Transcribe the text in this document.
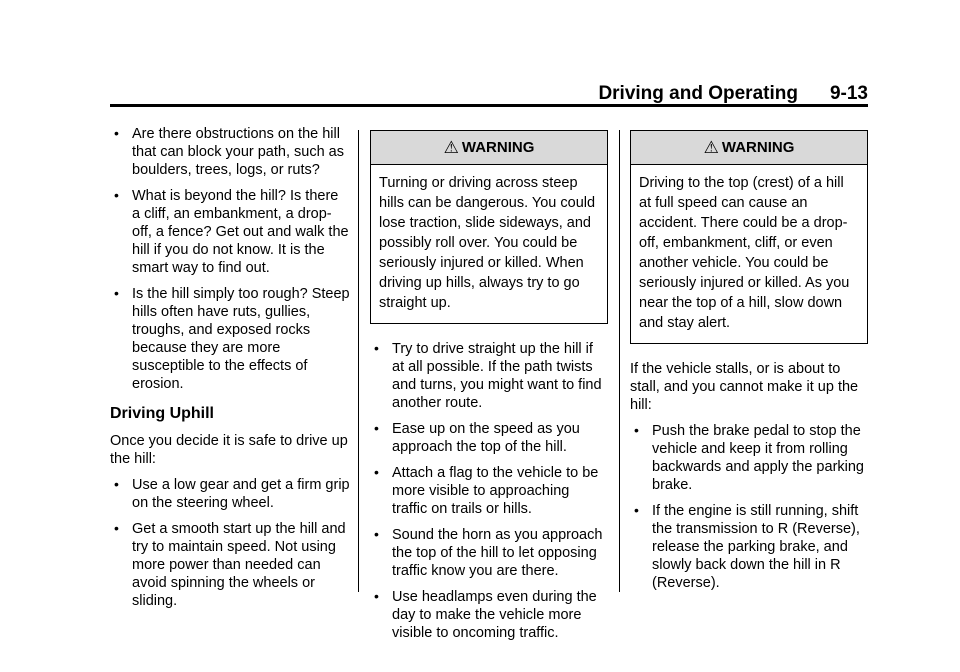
Driving and Operating 9-13
• Are there obstructions on the hill that can block your path, such as boulders, trees, logs, or ruts?
• What is beyond the hill? Is there a cliff, an embankment, a drop-off, a fence? Get out and walk the hill if you do not know. It is the smart way to find out.
• Is the hill simply too rough? Steep hills often have ruts, gullies, troughs, and exposed rocks because they are more susceptible to the effects of erosion.
Driving Uphill

Once you decide it is safe to drive up the hill:

• Use a low gear and get a firm grip on the steering wheel.
• Get a smooth start up the hill and try to maintain speed. Not using more power than needed can avoid spinning the wheels or sliding.
⚠ WARNING
Turning or driving across steep hills can be dangerous. You could lose traction, slide sideways, and possibly roll over. You could be seriously injured or killed. When driving up hills, always try to go straight up.
• Try to drive straight up the hill if at all possible. If the path twists and turns, you might want to find another route.
• Ease up on the speed as you approach the top of the hill.
• Attach a flag to the vehicle to be more visible to approaching traffic on trails or hills.
• Sound the horn as you approach the top of the hill to let opposing traffic know you are there.
• Use headlamps even during the day to make the vehicle more visible to oncoming traffic.
⚠ WARNING
Driving to the top (crest) of a hill at full speed can cause an accident. There could be a drop-off, embankment, cliff, or even another vehicle. You could be seriously injured or killed. As you near the top of a hill, slow down and stay alert.

If the vehicle stalls, or is about to stall, and you cannot make it up the hill:

• Push the brake pedal to stop the vehicle and keep it from rolling backwards and apply the parking brake.
• If the engine is still running, shift the transmission to R (Reverse), release the parking brake, and slowly back down the hill in R (Reverse).
